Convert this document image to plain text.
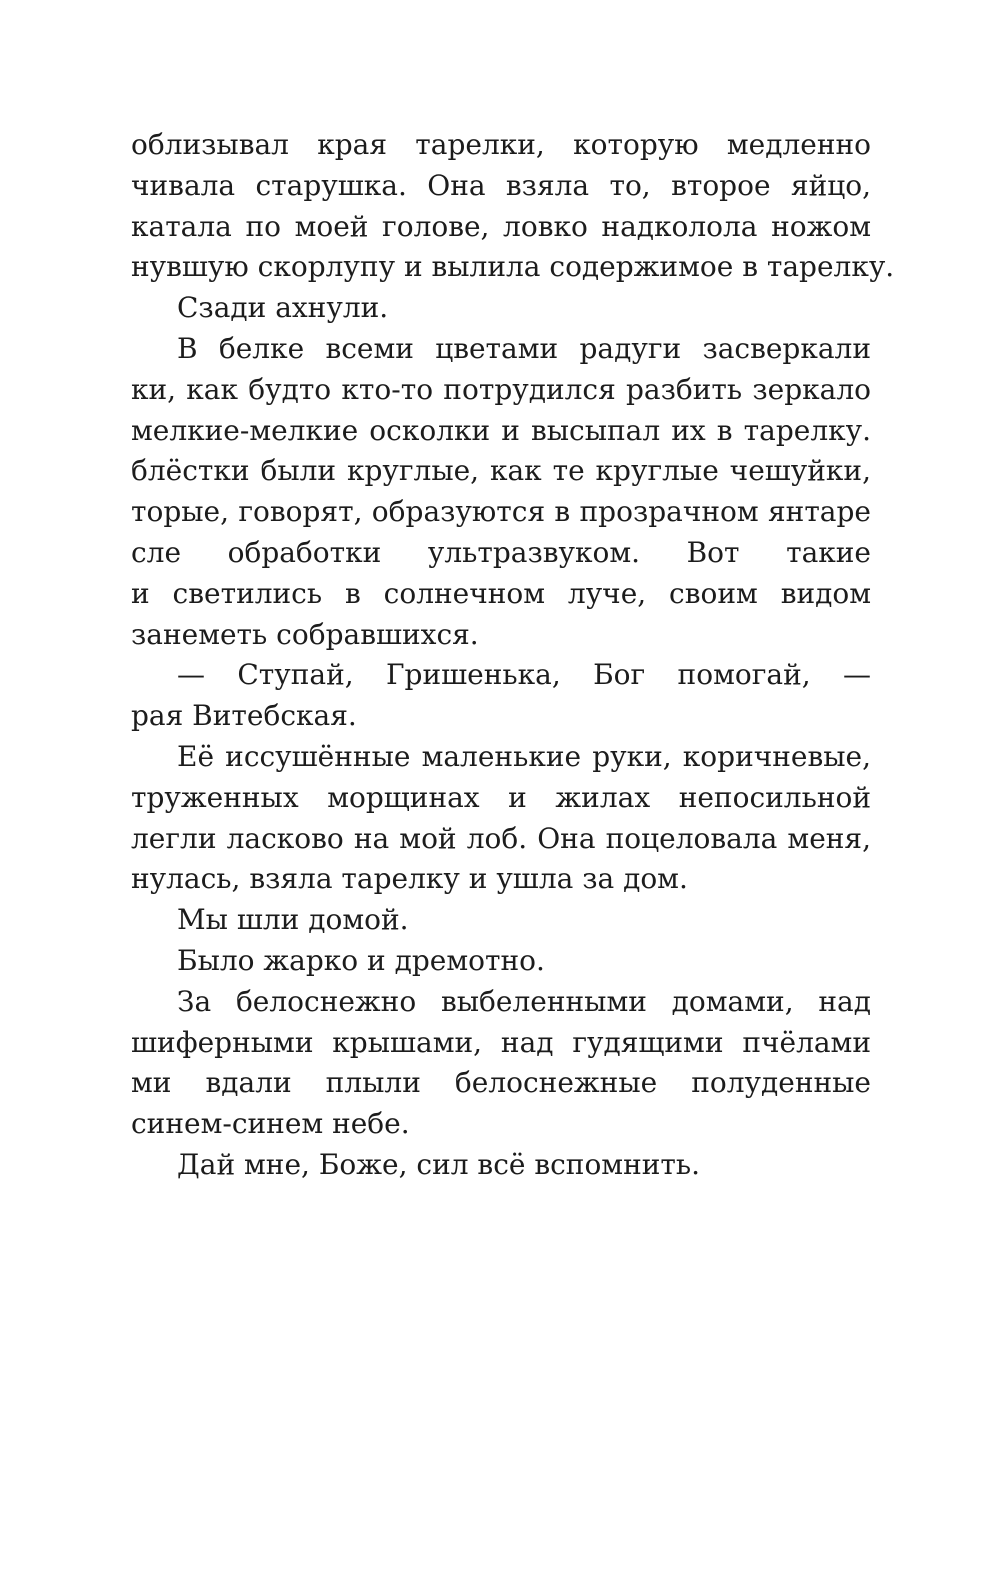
облизывал края тарелки, которую медленно
чивала старушка. Она взяла то, второе яйцо,
катала по моей голове, ловко надколола ножом
нувшую скорлупу и вылила содержимое в тарелку.
Сзади ахнули.
В белке всеми цветами радуги засверкали
ки, как будто кто-то потрудился разбить зеркало
мелкие-мелкие осколки и высыпал их в тарелку.
блёстки были круглые, как те круглые чешуйки,
торые, говорят, образуются в прозрачном янтаре
сле обработки ультразвуком. Вот такие
и светились в солнечном луче, своим видом
занеметь собравшихся.
— Ступай, Гришенька, Бог помогай, —
рая Витебская.
Её иссушённые маленькие руки, коричневые,
труженных морщинах и жилах непосильной
легли ласково на мой лоб. Она поцеловала меня,
нулась, взяла тарелку и ушла за дом.
Мы шли домой.
Было жарко и дремотно.
За белоснежно выбеленными домами, над
шиферными крышами, над гудящими пчёлами
ми вдали плыли белоснежные полуденные
синем-синем небе.
Дай мне, Боже, сил всё вспомнить.
